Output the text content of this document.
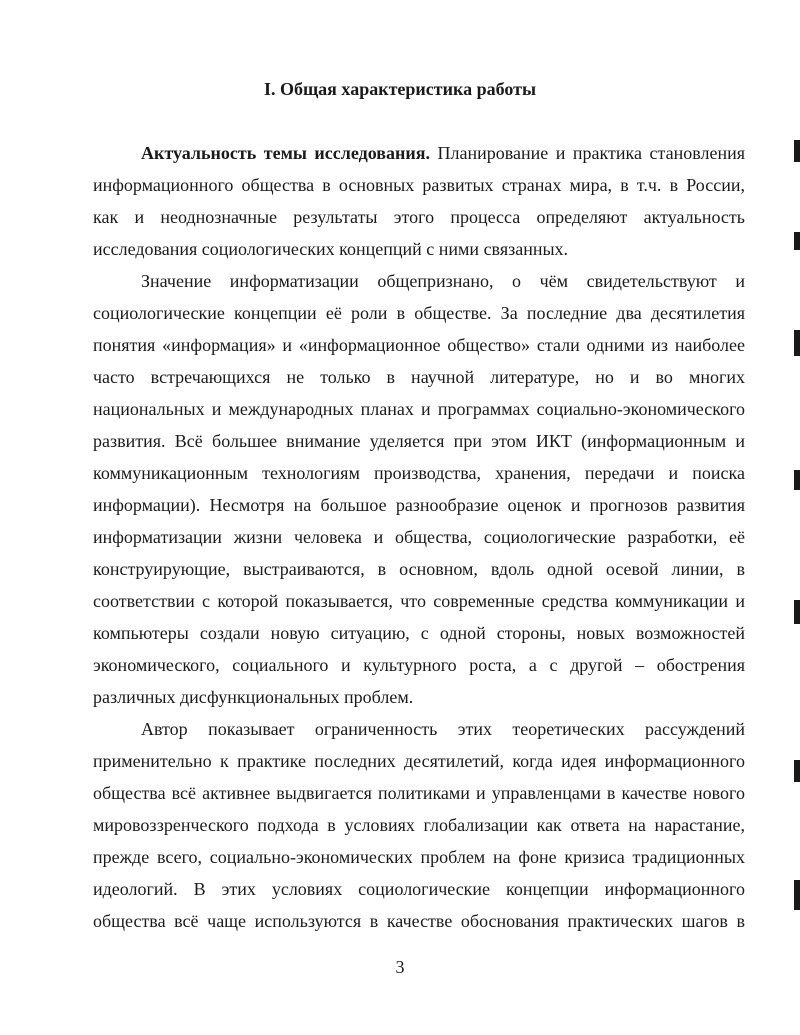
I. Общая характеристика работы
Актуальность темы исследования. Планирование и практика становления
информационного общества в основных развитых странах мира, в т.ч. в России,
как и неоднозначные результаты этого процесса определяют актуальность
исследования социологических концепций с ними связанных.
Значение информатизации общепризнано, о чём свидетельствуют и
социологические концепции её роли в обществе. За последние два десятилетия
понятия «информация» и «информационное общество» стали одними из наиболее
часто встречающихся не только в научной литературе, но и во многих
национальных и международных планах и программах социально-экономического
развития. Всё большее внимание уделяется при этом ИКТ (информационным и
коммуникационным технологиям производства, хранения, передачи и поиска
информации). Несмотря на большое разнообразие оценок и прогнозов развития
информатизации жизни человека и общества, социологические разработки, её
конструирующие, выстраиваются, в основном, вдоль одной осевой линии, в
соответствии с которой показывается, что современные средства коммуникации и
компьютеры создали новую ситуацию, с одной стороны, новых возможностей
экономического, социального и культурного роста, а с другой – обострения
различных дисфункциональных проблем.
Автор показывает ограниченность этих теоретических рассуждений
применительно к практике последних десятилетий, когда идея информационного
общества всё активнее выдвигается политиками и управленцами в качестве нового
мировоззренческого подхода в условиях глобализации как ответа на нарастание,
прежде всего, социально-экономических проблем на фоне кризиса традиционных
идеологий. В этих условиях социологические концепции информационного
общества всё чаще используются в качестве обоснования практических шагов в
3
